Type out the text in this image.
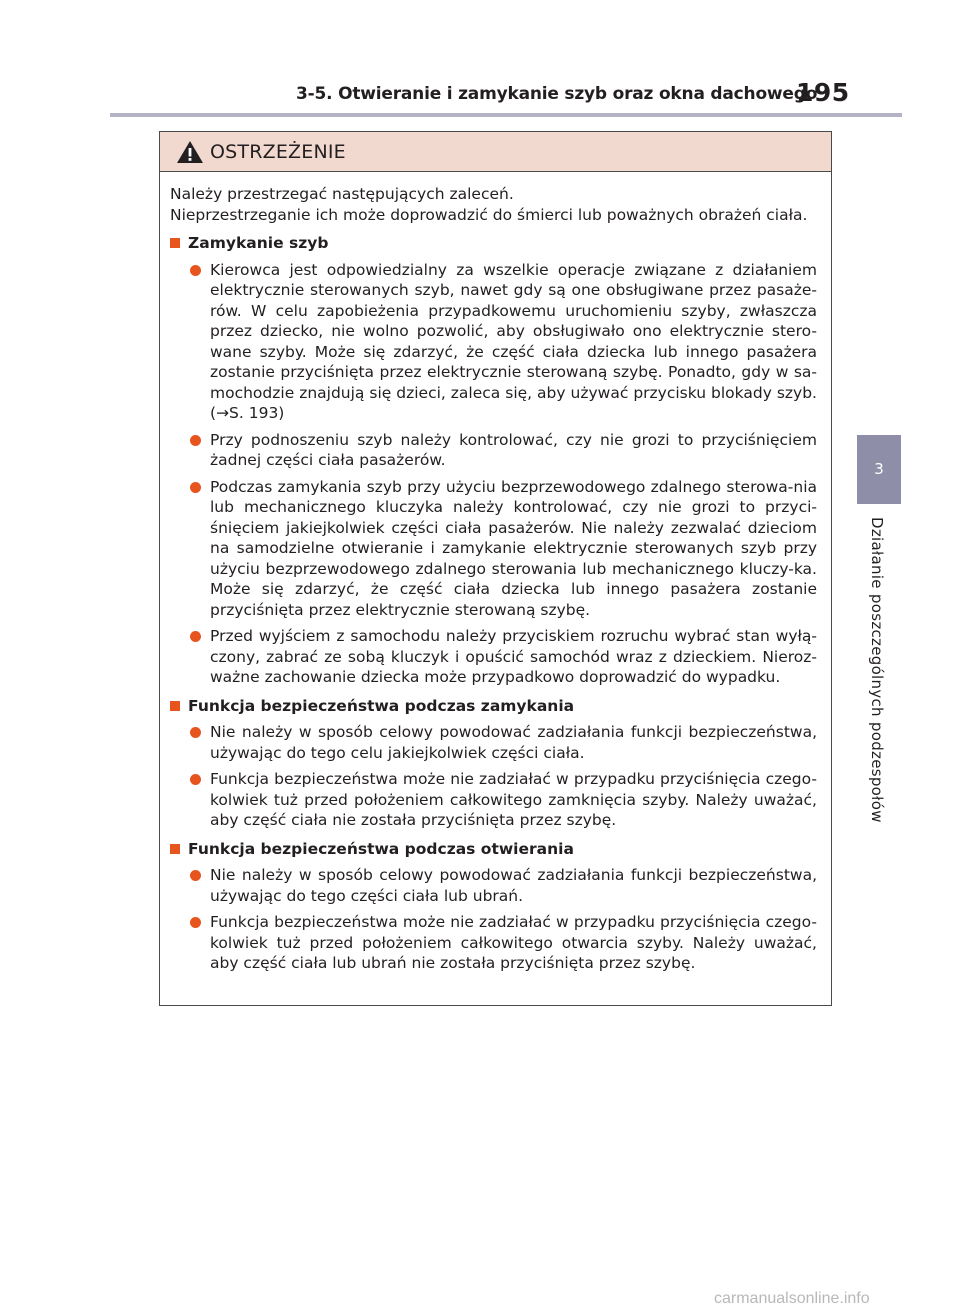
3-5. Otwieranie i zamykanie szyb oraz okna dachowego
195
3
Działanie poszczególnych podzespołów
OSTRZEŻENIE

Należy przestrzegać następujących zaleceń.

Nieprzestrzeganie ich może doprowadzić do śmierci lub poważnych obrażeń ciała.

Zamykanie szyb
Kierowca jest odpowiedzialny za wszelkie operacje związane z działaniem elektrycznie sterowanych szyb, nawet gdy są one obsługiwane przez pasaże-rów. W celu zapobieżenia przypadkowemu uruchomieniu szyby, zwłaszcza przez dziecko, nie wolno pozwolić, aby obsługiwało ono elektrycznie stero-wane szyby. Może się zdarzyć, że część ciała dziecka lub innego pasażera zostanie przyciśnięta przez elektrycznie sterowaną szybę. Ponadto, gdy w sa-mochodzie znajdują się dzieci, zaleca się, aby używać przycisku blokady szyb. (→S. 193)
Przy podnoszeniu szyb należy kontrolować, czy nie grozi to przyciśnięciem żadnej części ciała pasażerów.
Podczas zamykania szyb przy użyciu bezprzewodowego zdalnego sterowa-nia lub mechanicznego kluczyka należy kontrolować, czy nie grozi to przyci-śnięciem jakiejkolwiek części ciała pasażerów. Nie należy zezwalać dzieciom na samodzielne otwieranie i zamykanie elektrycznie sterowanych szyb przy użyciu bezprzewodowego zdalnego sterowania lub mechanicznego kluczy-ka. Może się zdarzyć, że część ciała dziecka lub innego pasażera zostanie przyciśnięta przez elektrycznie sterowaną szybę.
Przed wyjściem z samochodu należy przyciskiem rozruchu wybrać stan wyłą-czony, zabrać ze sobą kluczyk i opuścić samochód wraz z dzieckiem. Nieroz-ważne zachowanie dziecka może przypadkowo doprowadzić do wypadku.
Funkcja bezpieczeństwa podczas zamykania
Nie należy w sposób celowy powodować zadziałania funkcji bezpieczeństwa, używając do tego celu jakiejkolwiek części ciała.
Funkcja bezpieczeństwa może nie zadziałać w przypadku przyciśnięcia czego-kolwiek tuż przed położeniem całkowitego zamknięcia szyby. Należy uważać, aby część ciała nie została przyciśnięta przez szybę.
Funkcja bezpieczeństwa podczas otwierania
Nie należy w sposób celowy powodować zadziałania funkcji bezpieczeństwa, używając do tego części ciała lub ubrań.
Funkcja bezpieczeństwa może nie zadziałać w przypadku przyciśnięcia czego-kolwiek tuż przed położeniem całkowitego otwarcia szyby. Należy uważać, aby część ciała lub ubrań nie została przyciśnięta przez szybę.
carmanualsonline.info
